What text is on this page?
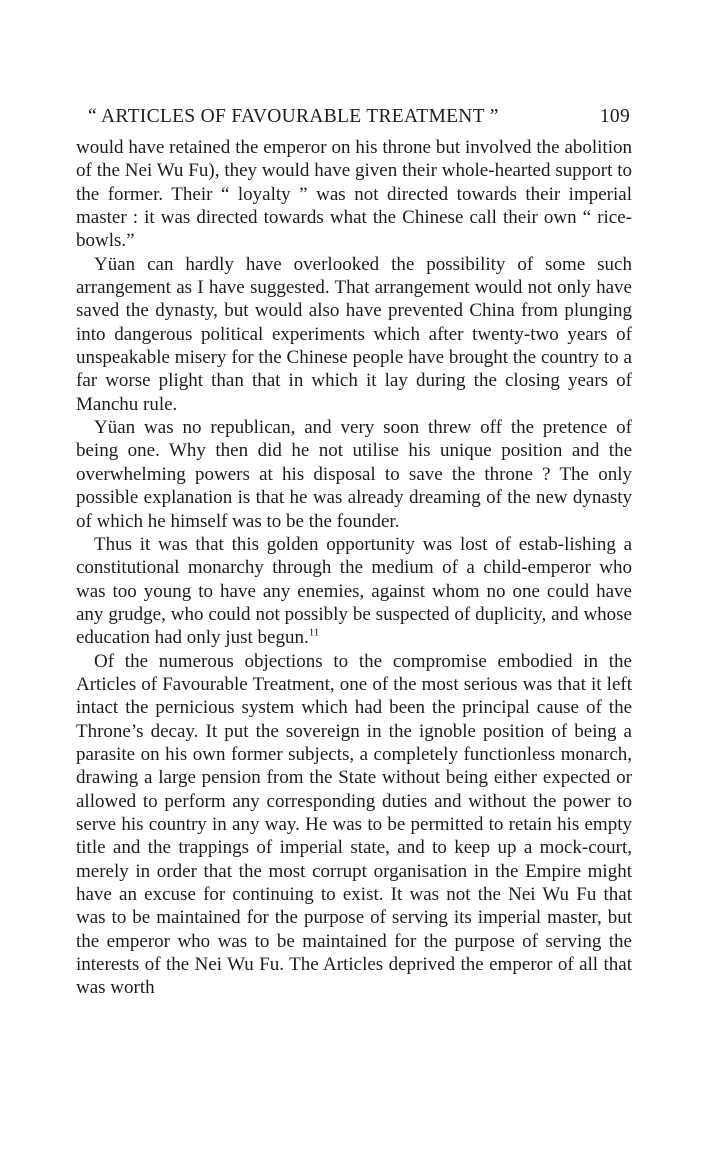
“ ARTICLES OF FAVOURABLE TREATMENT ”	109

would have retained the emperor on his throne but involved the abolition of the Nei Wu Fu), they would have given their whole-hearted support to the former. Their “ loyalty ” was not directed towards their imperial master : it was directed towards what the Chinese call their own “ rice-bowls.”

Yüan can hardly have overlooked the possibility of some such arrangement as I have suggested. That arrangement would not only have saved the dynasty, but would also have prevented China from plunging into dangerous political experiments which after twenty-two years of unspeakable misery for the Chinese people have brought the country to a far worse plight than that in which it lay during the closing years of Manchu rule.

Yüan was no republican, and very soon threw off the pretence of being one. Why then did he not utilise his unique position and the overwhelming powers at his disposal to save the throne ? The only possible explanation is that he was already dreaming of the new dynasty of which he himself was to be the founder.

Thus it was that this golden opportunity was lost of estab-lishing a constitutional monarchy through the medium of a child-emperor who was too young to have any enemies, against whom no one could have any grudge, who could not possibly be suspected of duplicity, and whose education had only just begun.$^{11}$

Of the numerous objections to the compromise embodied in the Articles of Favourable Treatment, one of the most serious was that it left intact the pernicious system which had been the principal cause of the Throne’s decay. It put the sovereign in the ignoble position of being a parasite on his own former subjects, a completely functionless monarch, drawing a large pension from the State without being either expected or allowed to perform any corresponding duties and without the power to serve his country in any way. He was to be permitted to retain his empty title and the trappings of imperial state, and to keep up a mock-court, merely in order that the most corrupt organisation in the Empire might have an excuse for continuing to exist. It was not the Nei Wu Fu that was to be maintained for the purpose of serving its imperial master, but the emperor who was to be maintained for the purpose of serving the interests of the Nei Wu Fu. The Articles deprived the emperor of all that was worth
